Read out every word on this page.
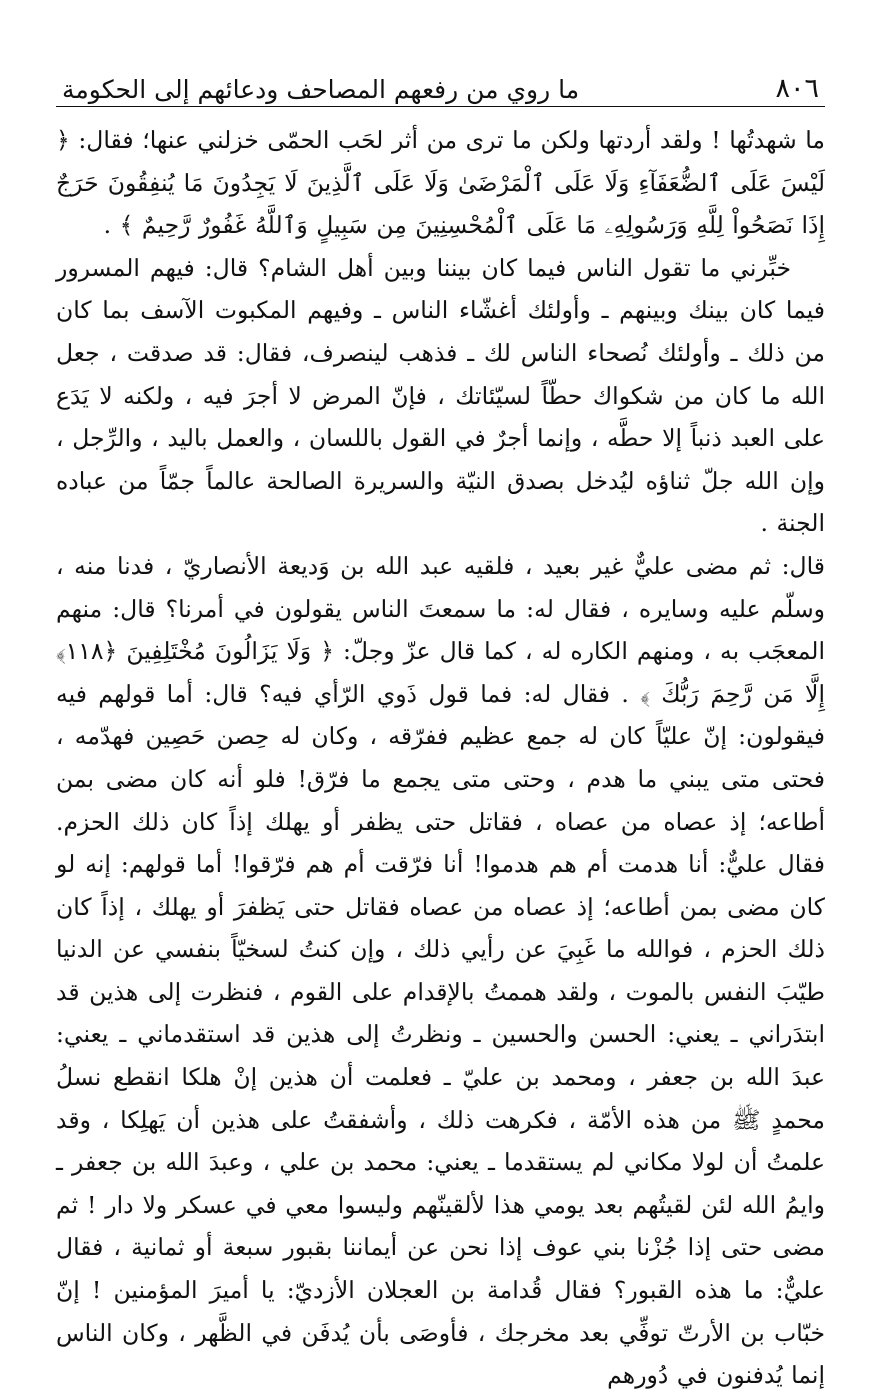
٨٠٦
ما روي من رفعهم المصاحف ودعائهم إلى الحكومة

ما شهدتُها ! ولقد أردتها ولكن ما ترى من أثر لحَب الحمّى خزلني عنها؛ فقال: ﴿ لَيْسَ عَلَى ٱلضُّعَفَآءِ وَلَا عَلَى ٱلْمَرْضَىٰ وَلَا عَلَى ٱلَّذِينَ لَا يَجِدُونَ مَا يُنفِقُونَ حَرَجٌ إِذَا نَصَحُواْ لِلَّهِ وَرَسُولِهِۦ مَا عَلَى ٱلْمُحْسِنِينَ مِن سَبِيلٍ وَٱللَّهُ غَفُورٌ رَّحِيمٌ ﴾ .

خبِّرني ما تقول الناس فيما كان بيننا وبين أهل الشام؟ قال: فيهم المسرور فيما كان بينك وبينهم ـ وأولئك أغشّاء الناس ـ وفيهم المكبوت الآسف بما كان من ذلك ـ وأولئك نُصحاء الناس لك ـ فذهب لينصرف، فقال: قد صدقت ، جعل الله ما كان من شكواك حطّاً لسيّئاتك ، فإنّ المرض لا أجرَ فيه ، ولكنه لا يَدَع على العبد ذنباً إلا حطَّه ، وإنما أجرٌ في القول باللسان ، والعمل باليد ، والرِّجل ، وإن الله جلّ ثناؤه ليُدخل بصدق النيّة والسريرة الصالحة عالماً جمّاً من عباده الجنة .

قال: ثم مضى عليٌّ غير بعيد ، فلقيه عبد الله بن وَديعة الأنصاريّ ، فدنا منه ، وسلّم عليه وسايره ، فقال له: ما سمعتَ الناس يقولون في أمرنا؟ قال: منهم المعجَب به ، ومنهم الكاره له ، كما قال عزّ وجلّ: ﴿ وَلَا يَزَالُونَ مُخْتَلِفِينَ ﴿١١٨﴾ إِلَّا مَن رَّحِمَ رَبُّكَ ﴾ . فقال له: فما قول ذَوي الرّأي فيه؟ قال: أما قولهم فيه فيقولون: إنّ عليّاً كان له جمع عظيم ففرّقه ، وكان له حِصن حَصِين فهدّمه ، فحتى متى يبني ما هدم ، وحتى متى يجمع ما فرّق! فلو أنه كان مضى بمن أطاعه؛ إذ عصاه من عصاه ، فقاتل حتى يظفر أو يهلك إذاً كان ذلك الحزم. فقال عليٌّ: أنا هدمت أم هم هدموا! أنا فرّقت أم هم فرّقوا! أما قولهم: إنه لو كان مضى بمن أطاعه؛ إذ عصاه من عصاه فقاتل حتى يَظفرَ أو يهلك ، إذاً كان ذلك الحزم ، فوالله ما غَبِيَ عن رأيي ذلك ، وإن كنتُ لسخيّاً بنفسي عن الدنيا طيّبَ النفس بالموت ، ولقد هممتُ بالإقدام على القوم ، فنظرت إلى هذين قد ابتدَراني ـ يعني: الحسن والحسين ـ ونظرتُ إلى هذين قد استقدماني ـ يعني: عبدَ الله بن جعفر ، ومحمد بن عليّ ـ فعلمت أن هذين إنْ هلكا انقطع نسلُ محمدٍ ﷺ من هذه الأمّة ، فكرهت ذلك ، وأشفقتُ على هذين أن يَهلِكا ، وقد علمتُ أن لولا مكاني لم يستقدما ـ يعني: محمد بن علي ، وعبدَ الله بن جعفر ـ وايمُ الله لئن لقيتُهم بعد يومي هذا لألقينّهم وليسوا معي في عسكر ولا دار ! ثم مضى حتى إذا جُزْنا بني عوف إذا نحن عن أيماننا بقبور سبعة أو ثمانية ، فقال عليٌّ: ما هذه القبور؟ فقال قُدامة بن العجلان الأزديّ: يا أميرَ المؤمنين ! إنّ خبّاب بن الأرتّ توفِّي بعد مخرجك ، فأوصَى بأن يُدفَن في الظَّهر ، وكان الناس إنما يُدفنون في دُورهم
